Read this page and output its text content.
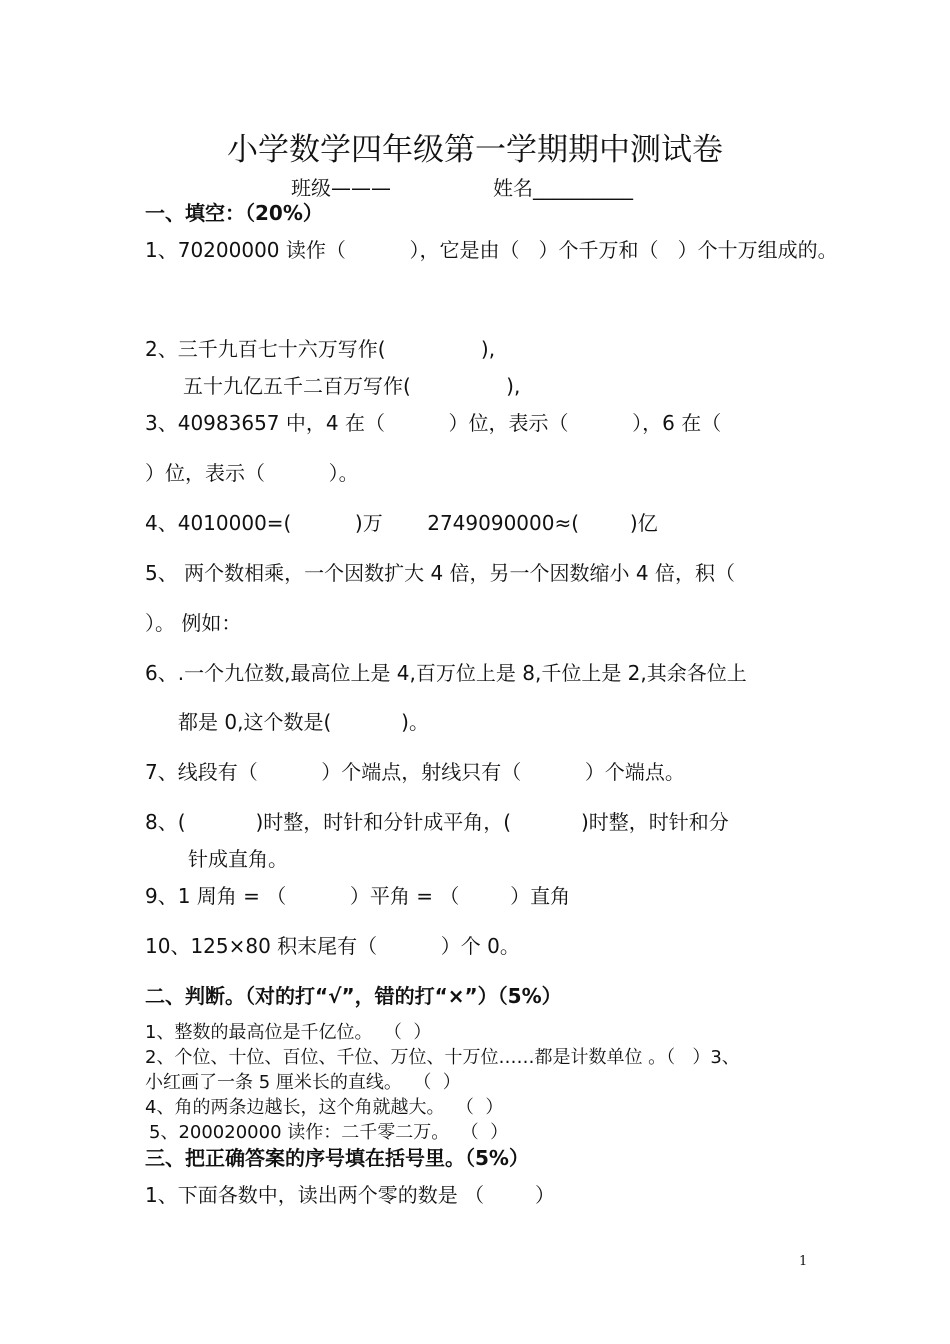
小学数学四年级第一学期期中测试卷
班级———	姓名__________
一、填空：（20%）
1、70200000 读作（          ），它是由（   ）个千万和（   ）个十万组成的。
2、三千九百七十六万写作(               ),
五十九亿五千二百万写作(               ),
3、40983657 中，4 在（          ）位，表示（          ），6 在（
）位，表示（          ）。
4、4010000=(          )万       2749090000≈(        )亿
5、 两个数相乘，一个因数扩大 4 倍，另一个因数缩小 4 倍，积（
）。 例如：
6、.一个九位数,最高位上是 4,百万位上是 8,千位上是 2,其余各位上
都是 0,这个数是(           )。
7、线段有（          ）个端点，射线只有（          ）个端点。
8、(           )时整，时针和分针成平角，(           )时整，时针和分
针成直角。
9、1 周角 = （          ）平角 = （        ）直角
10、125×80 积末尾有（          ）个 0。
二、判断。（对的打“√”，错的打“×”）（5%）
1、整数的最高位是千亿位。  （  ）
2、个位、十位、百位、千位、万位、十万位……都是计数单位 。（   ）3、
小红画了一条 5 厘米长的直线。  （  ）
4、角的两条边越长，这个角就越大。  （  ）
5、200020000 读作：二千零二万。  （  ）
三、把正确答案的序号填在括号里。（5%）
1、下面各数中，读出两个零的数是 （        ）
1
